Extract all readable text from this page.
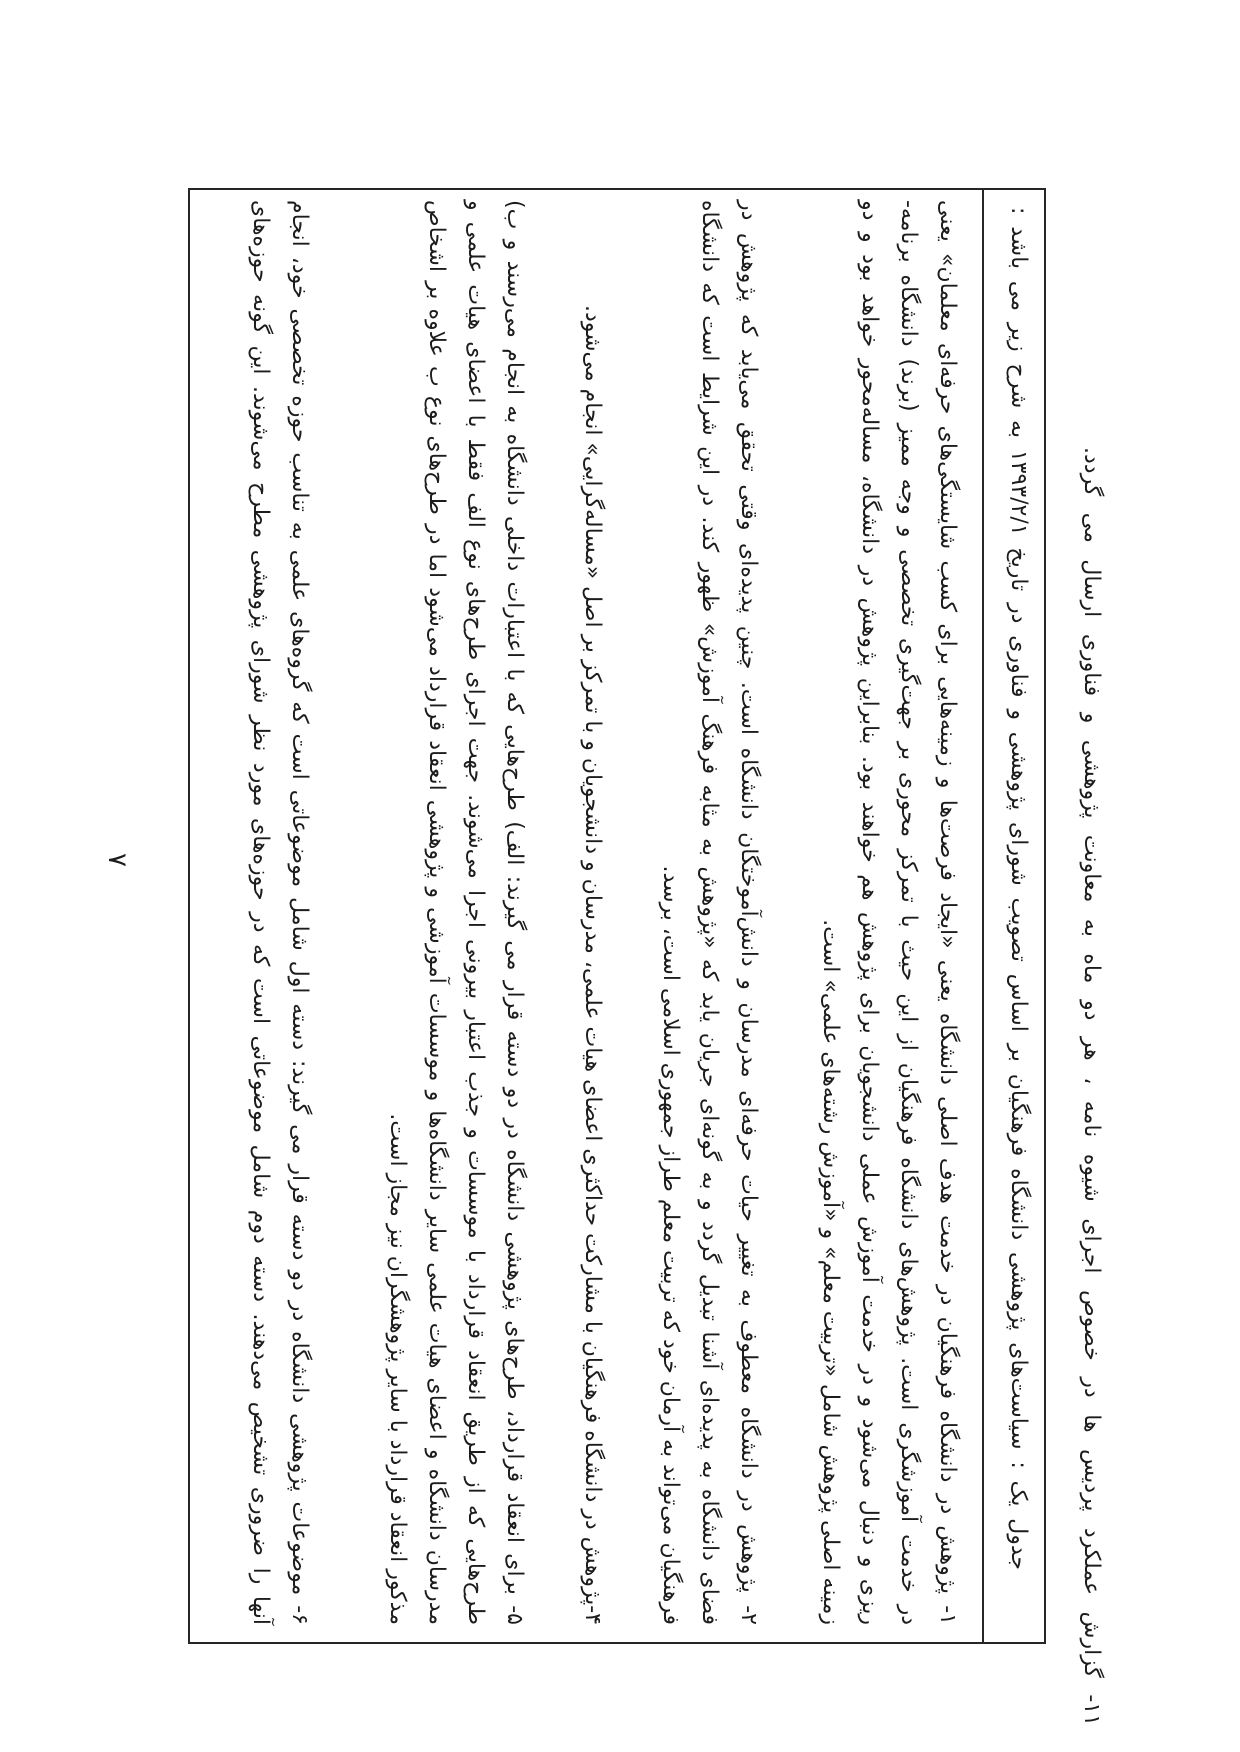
۱۱- گزارش عملکرد پردیس ها در خصوص اجرای شیوه نامه ، هر دو ماه به معاونت پژوهشی و فناوری ارسال می گردد.
جدول یک : سیاست‌های پژوهشی دانشگاه فرهنگیان بر اساس تصویب شورای پژوهشی و فناوری در تاریخ ۱۳۹۳/۲/۱ به شرح زیر می باشد :
۱- پژوهش در دانشگاه فرهنگیان در خدمت هدف اصلی دانشگاه یعنی «ایجاد فرصت‌ها و زمینه‌هایی برای کسب شایستگی‌های حرفه‌ای معلمان» یعنی
در خدمت آموزشگری است. پژوهش‌های دانشگاه فرهنگیان از این حیث با تمرکز محوری بر جهت‌گیری تخصصی و وجه ممیز (برند) دانشگاه برنامه-
ریزی و دنبال می‌شود و در خدمت آموزش عملی دانشجویان برای پژوهش هم خواهند بود. بنابراین پژوهش در دانشگاه، مساله‌محور خواهد بود و دو
زمینه اصلی پژوهش شامل «تربیت معلم» و «آموزش رشته‌های علمی» است.
۲- پژوهش در دانشگاه معطوف به تغییر حیات حرفه‌ای مدرسان و دانش‌آموختگان دانشگاه است. چنین پدیده‌ای وقتی تحقق می‌یابد که پژوهش در
فضای دانشگاه به پدیده‌ای آشنا تبدیل گردد و به گونه‌ای جریان یابد که «پژوهش به مثابه فرهنگ آموزش» ظهور کند. در این شرایط است که دانشگاه
فرهنگیان می‌تواند به آرمان خود که تربیت معلم طراز جمهوری اسلامی است، برسد.
۴-پژوهش در دانشگاه فرهنگیان با مشارکت حداکثری اعضای هیات علمی، مدرسان و دانشجویان و با تمرکز بر اصل «مساله‌گرایی» انجام می‌شود.
۵- برای انعقاد قرارداد، طرح‌های پژوهشی دانشگاه در دو دسته قرار می گیرند: الف) طرح‌هایی که با اعتبارات داخلی دانشگاه به انجام می‌رسند و ب)
طرح‌هایی که از طریق انعقاد قرارداد با موسسات و جذب اعتبار بیرونی اجرا می‌شوند. جهت اجرای طرح‌های نوع الف فقط با اعضای هیات علمی و
مدرسان دانشگاه و اعضای هیات علمی سایر دانشگاه‌ها و موسسات آموزشی و پژوهشی انعقاد قرارداد می‌شود اما در طرح‌های نوع ب علاوه بر اشخاص
مذکور انعقاد قرارداد با سایر پژوهشگران نیز مجاز است.
۶- موضوعات پژوهشی دانشگاه در دو دسته قرار می گیرند: دسته اول شامل موضوعاتی است که گروه‌های علمی به تناسب حوزه تخصصی خود، انجام
آنها را ضروری تشخیص می‌دهند. دسته دوم شامل موضوعاتی است که در حوزه‌های مورد نظر شورای پژوهشی مطرح می‌شوند. این گونه حوزه‌های
۷
